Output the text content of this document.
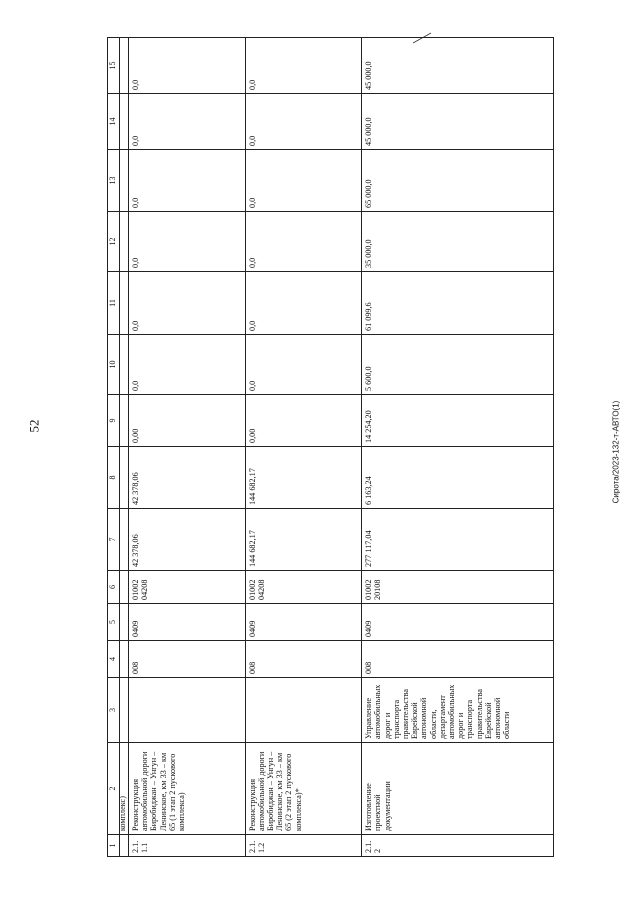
52	Сирота/2023-132-т-АВТО(1)
1	2	3	4	5	6	7	8	9	10	11	12	13	14	15

	комплекс)													

2.1.1.1	Реконструкция автомобильной дороги Биробиджан – Унгун – Ленинское, км 33 – км 65 (1 этап 2 пускового комплекса)		008	0409	01002 04208	42 378,06	42 378,06	0,00	0,0	0,0	0,0	0,0	0,0	0,0
2.1.1.2	Реконструкция автомобильной дороги Биробиджан – Унгун – Ленинское, км 33 – км 65 (2 этап 2 пускового комплекса)*		008	0409	01002 04208	144 682,17	144 682,17	0,00	0,0	0,0	0,0	0,0	0,0	0,0
2.1.2	Изготовление проектной документации	Управление автомобильных дорог и транспорта правительства Еврейской автономной области, департамент автомобильных дорог и транспорта правительства Еврейской автономной области	008	0409	01002 20108	277 117,04	6 163,24	14 254,20	5 600,0	61 099,6	35 000,0	65 000,0	45 000,0	45 000,0
